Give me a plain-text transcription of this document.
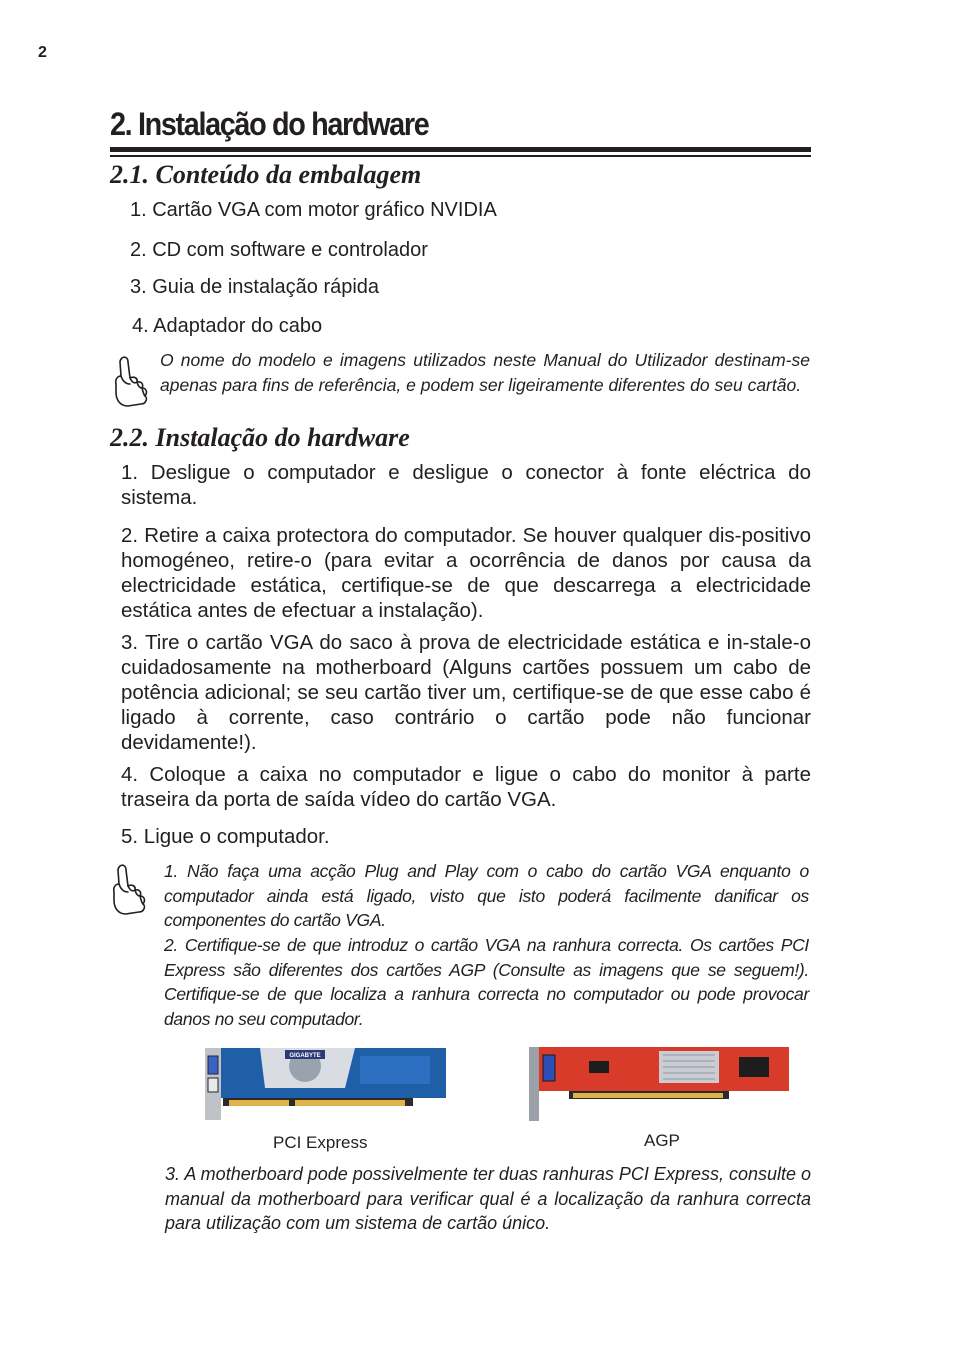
2
2. Instalação do hardware
2.1. Conteúdo da embalagem
1. Cartão VGA com motor gráfico NVIDIA
2. CD com software e controlador
3. Guia de instalação rápida
4. Adaptador do cabo
O nome do modelo e imagens utilizados neste Manual do Utilizador destinam-se apenas para fins de referência, e podem ser ligeiramente diferentes do seu cartão.
2.2. Instalação do hardware
1. Desligue o computador e desligue o conector à fonte eléctrica do sistema.
2. Retire a caixa protectora do computador. Se houver qualquer dis-positivo homogéneo, retire-o (para evitar a ocorrência de danos por causa da electricidade estática, certifique-se de que descarrega a electricidade estática antes de efectuar a instalação).
3. Tire o cartão VGA do saco à prova de electricidade estática e in-stale-o cuidadosamente na motherboard (Alguns cartões possuem um cabo de potência adicional; se seu cartão tiver um, certifique-se de que esse cabo é ligado à corrente, caso contrário o cartão pode não funcionar devidamente!).
4. Coloque a caixa no computador e ligue o cabo do monitor à parte traseira da porta de saída vídeo do cartão VGA.
5. Ligue o computador.
1. Não faça uma acção Plug and Play com o cabo do cartão VGA enquanto o computador ainda está ligado, visto que isto poderá facilmente danificar os componentes do cartão VGA.
2. Certifique-se de que introduz o cartão VGA na ranhura correcta. Os cartões PCI Express são diferentes dos cartões AGP (Consulte as imagens que se seguem!). Certifique-se de que localiza a ranhura correcta no computador ou pode provocar danos no seu computador.
GIGABYTE
PCI Express	AGP
3. A motherboard pode possivelmente ter duas ranhuras PCI Express, consulte o manual da motherboard para verificar qual é a localização da ranhura correcta para utilização com um sistema de cartão único.
